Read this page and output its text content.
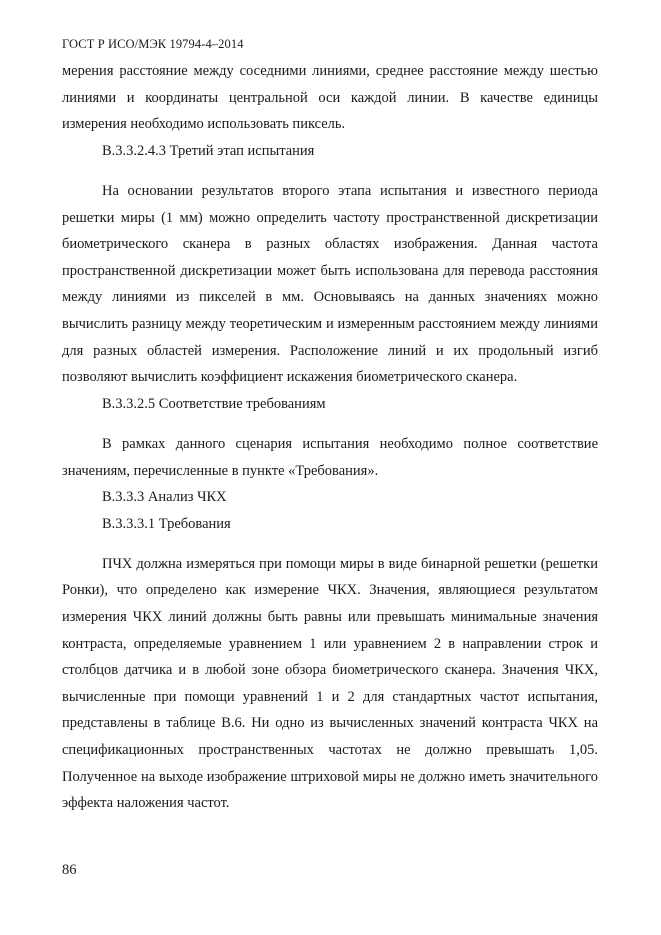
ГОСТ Р ИСО/МЭК 19794-4–2014

мерения расстояние между соседними линиями, среднее расстояние между шестью линиями и координаты центральной оси каждой линии. В качестве единицы измерения необходимо использовать пиксель.

B.3.3.2.4.3 Третий этап испытания

На основании результатов второго этапа испытания и известного периода решетки миры (1 мм) можно определить частоту пространственной дискретизации биометрического сканера в разных областях изображения. Данная частота пространственной дискретизации может быть использована для перевода расстояния между линиями из пикселей в мм. Основываясь на данных значениях можно вычислить разницу между теоретическим и измеренным расстоянием между линиями для разных областей измерения. Расположение линий и их продольный изгиб позволяют вычислить коэффициент искажения биометрического сканера.

B.3.3.2.5 Соответствие требованиям

В рамках данного сценария испытания необходимо полное соответствие значениям, перечисленные в пункте «Требования».

B.3.3.3 Анализ ЧКХ

B.3.3.3.1 Требования

ПЧХ должна измеряться при помощи миры в виде бинарной решетки (решетки Ронки), что определено как измерение ЧКХ. Значения, являющиеся результатом измерения ЧКХ линий должны быть равны или превышать минимальные значения контраста, определяемые уравнением 1 или уравнением 2 в направлении строк и столбцов датчика и в любой зоне обзора биометрического сканера. Значения ЧКХ, вычисленные при помощи уравнений 1 и 2 для стандартных частот испытания, представлены в таблице B.6. Ни одно из вычисленных значений контраста ЧКХ на спецификационных пространственных частотах не должно превышать 1,05. Полученное на выходе изображение штриховой миры не должно иметь значительного эффекта наложения частот.

86
